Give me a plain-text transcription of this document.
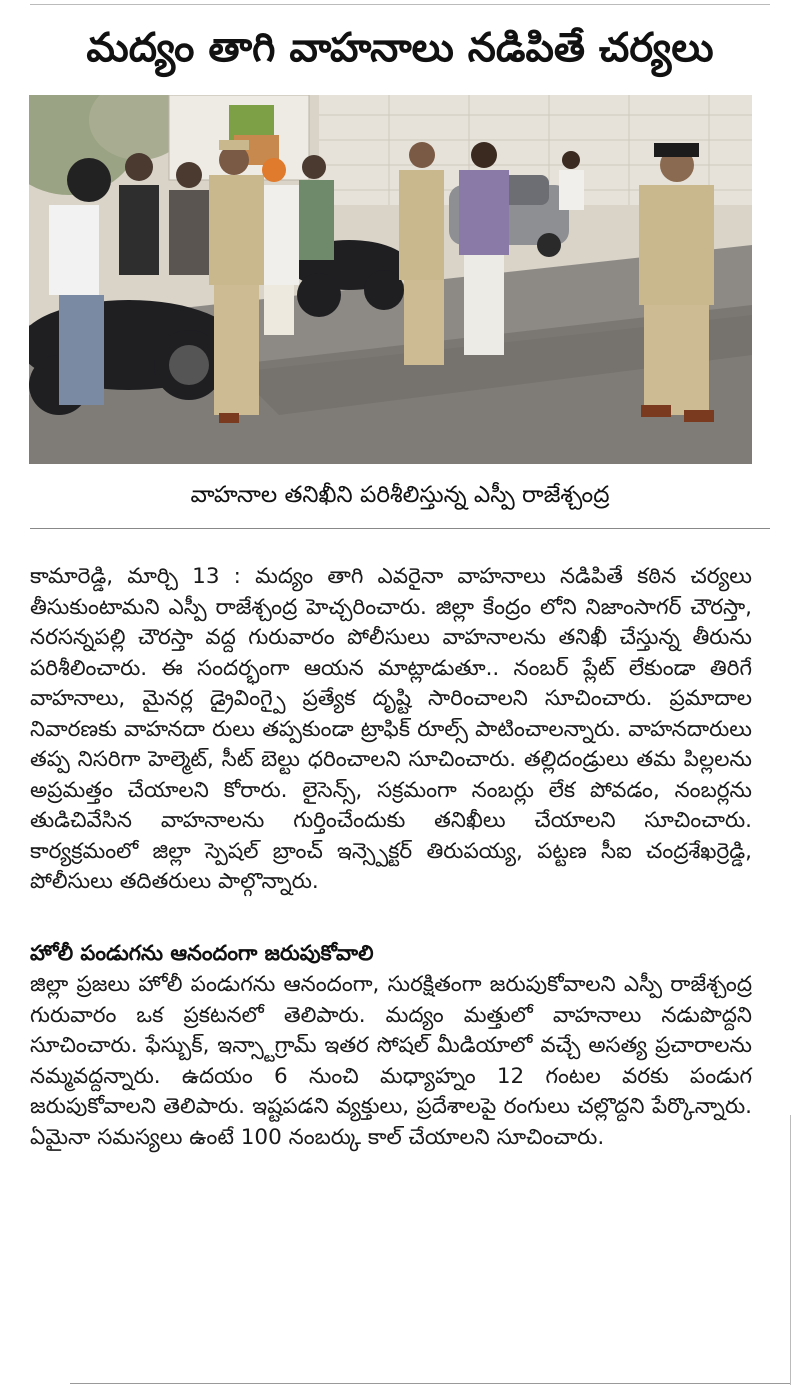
మద్యం తాగి వాహనాలు నడిపితే చర్యలు
వాహనాల తనిఖీని పరిశీలిస్తున్న ఎస్పీ రాజేశ్చంద్ర
కామారెడ్డి, మార్చి 13 : మద్యం తాగి ఎవరైనా వాహనాలు నడిపితే కఠిన చర్యలు తీసుకుంటామని ఎస్పీ రాజేశ్చంద్ర హెచ్చరించారు. జిల్లా కేంద్రం లోని నిజాంసాగర్ చౌరస్తా, నరసన్నపల్లి చౌరస్తా వద్ద గురువారం పోలీసులు వాహనాలను తనిఖీ చేస్తున్న తీరును పరిశీలించారు. ఈ సందర్భంగా ఆయన మాట్లాడుతూ.. నంబర్ ప్లేట్ లేకుండా తిరిగే వాహనాలు, మైనర్ల డ్రైవింగ్పై ప్రత్యేక దృష్టి సారించాలని సూచించారు. ప్రమాదాల నివారణకు వాహనదా రులు తప్పకుండా ట్రాఫిక్ రూల్స్ పాటించాలన్నారు. వాహనదారులు తప్ప నిసరిగా హెల్మెట్, సీట్ బెల్టు ధరించాలని సూచించారు. తల్లిదండ్రులు తమ పిల్లలను అప్రమత్తం చేయాలని కోరారు. లైసెన్స్, సక్రమంగా నంబర్లు లేక పోవడం, నంబర్లను తుడిచివేసిన వాహనాలను గుర్తించేందుకు తనిఖీలు చేయాలని సూచించారు. కార్యక్రమంలో జిల్లా స్పెషల్ బ్రాంచ్ ఇన్స్పెక్టర్ తిరుపయ్య, పట్టణ సీఐ చంద్రశేఖర్రెడ్డి, పోలీసులు తదితరులు పాల్గొన్నారు.
హోలీ పండుగను ఆనందంగా జరుపుకోవాలి
జిల్లా ప్రజలు హోలీ పండుగను ఆనందంగా, సురక్షితంగా జరుపుకోవాలని ఎస్పీ రాజేశ్చంద్ర గురువారం ఒక ప్రకటనలో తెలిపారు. మద్యం మత్తులో వాహనాలు నడుపొద్దని సూచించారు. ఫేస్బుక్, ఇన్స్టాగ్రామ్ ఇతర సోషల్ మీడియాలో వచ్చే అసత్య ప్రచారాలను నమ్మవద్దన్నారు. ఉదయం 6 నుంచి మధ్యాహ్నం 12 గంటల వరకు పండుగ జరుపుకోవాలని తెలిపారు. ఇష్టపడని వ్యక్తులు, ప్రదేశాలపై రంగులు చల్లొద్దని పేర్కొన్నారు. ఏమైనా సమస్యలు ఉంటే 100 నంబర్కు కాల్ చేయాలని సూచించారు.
